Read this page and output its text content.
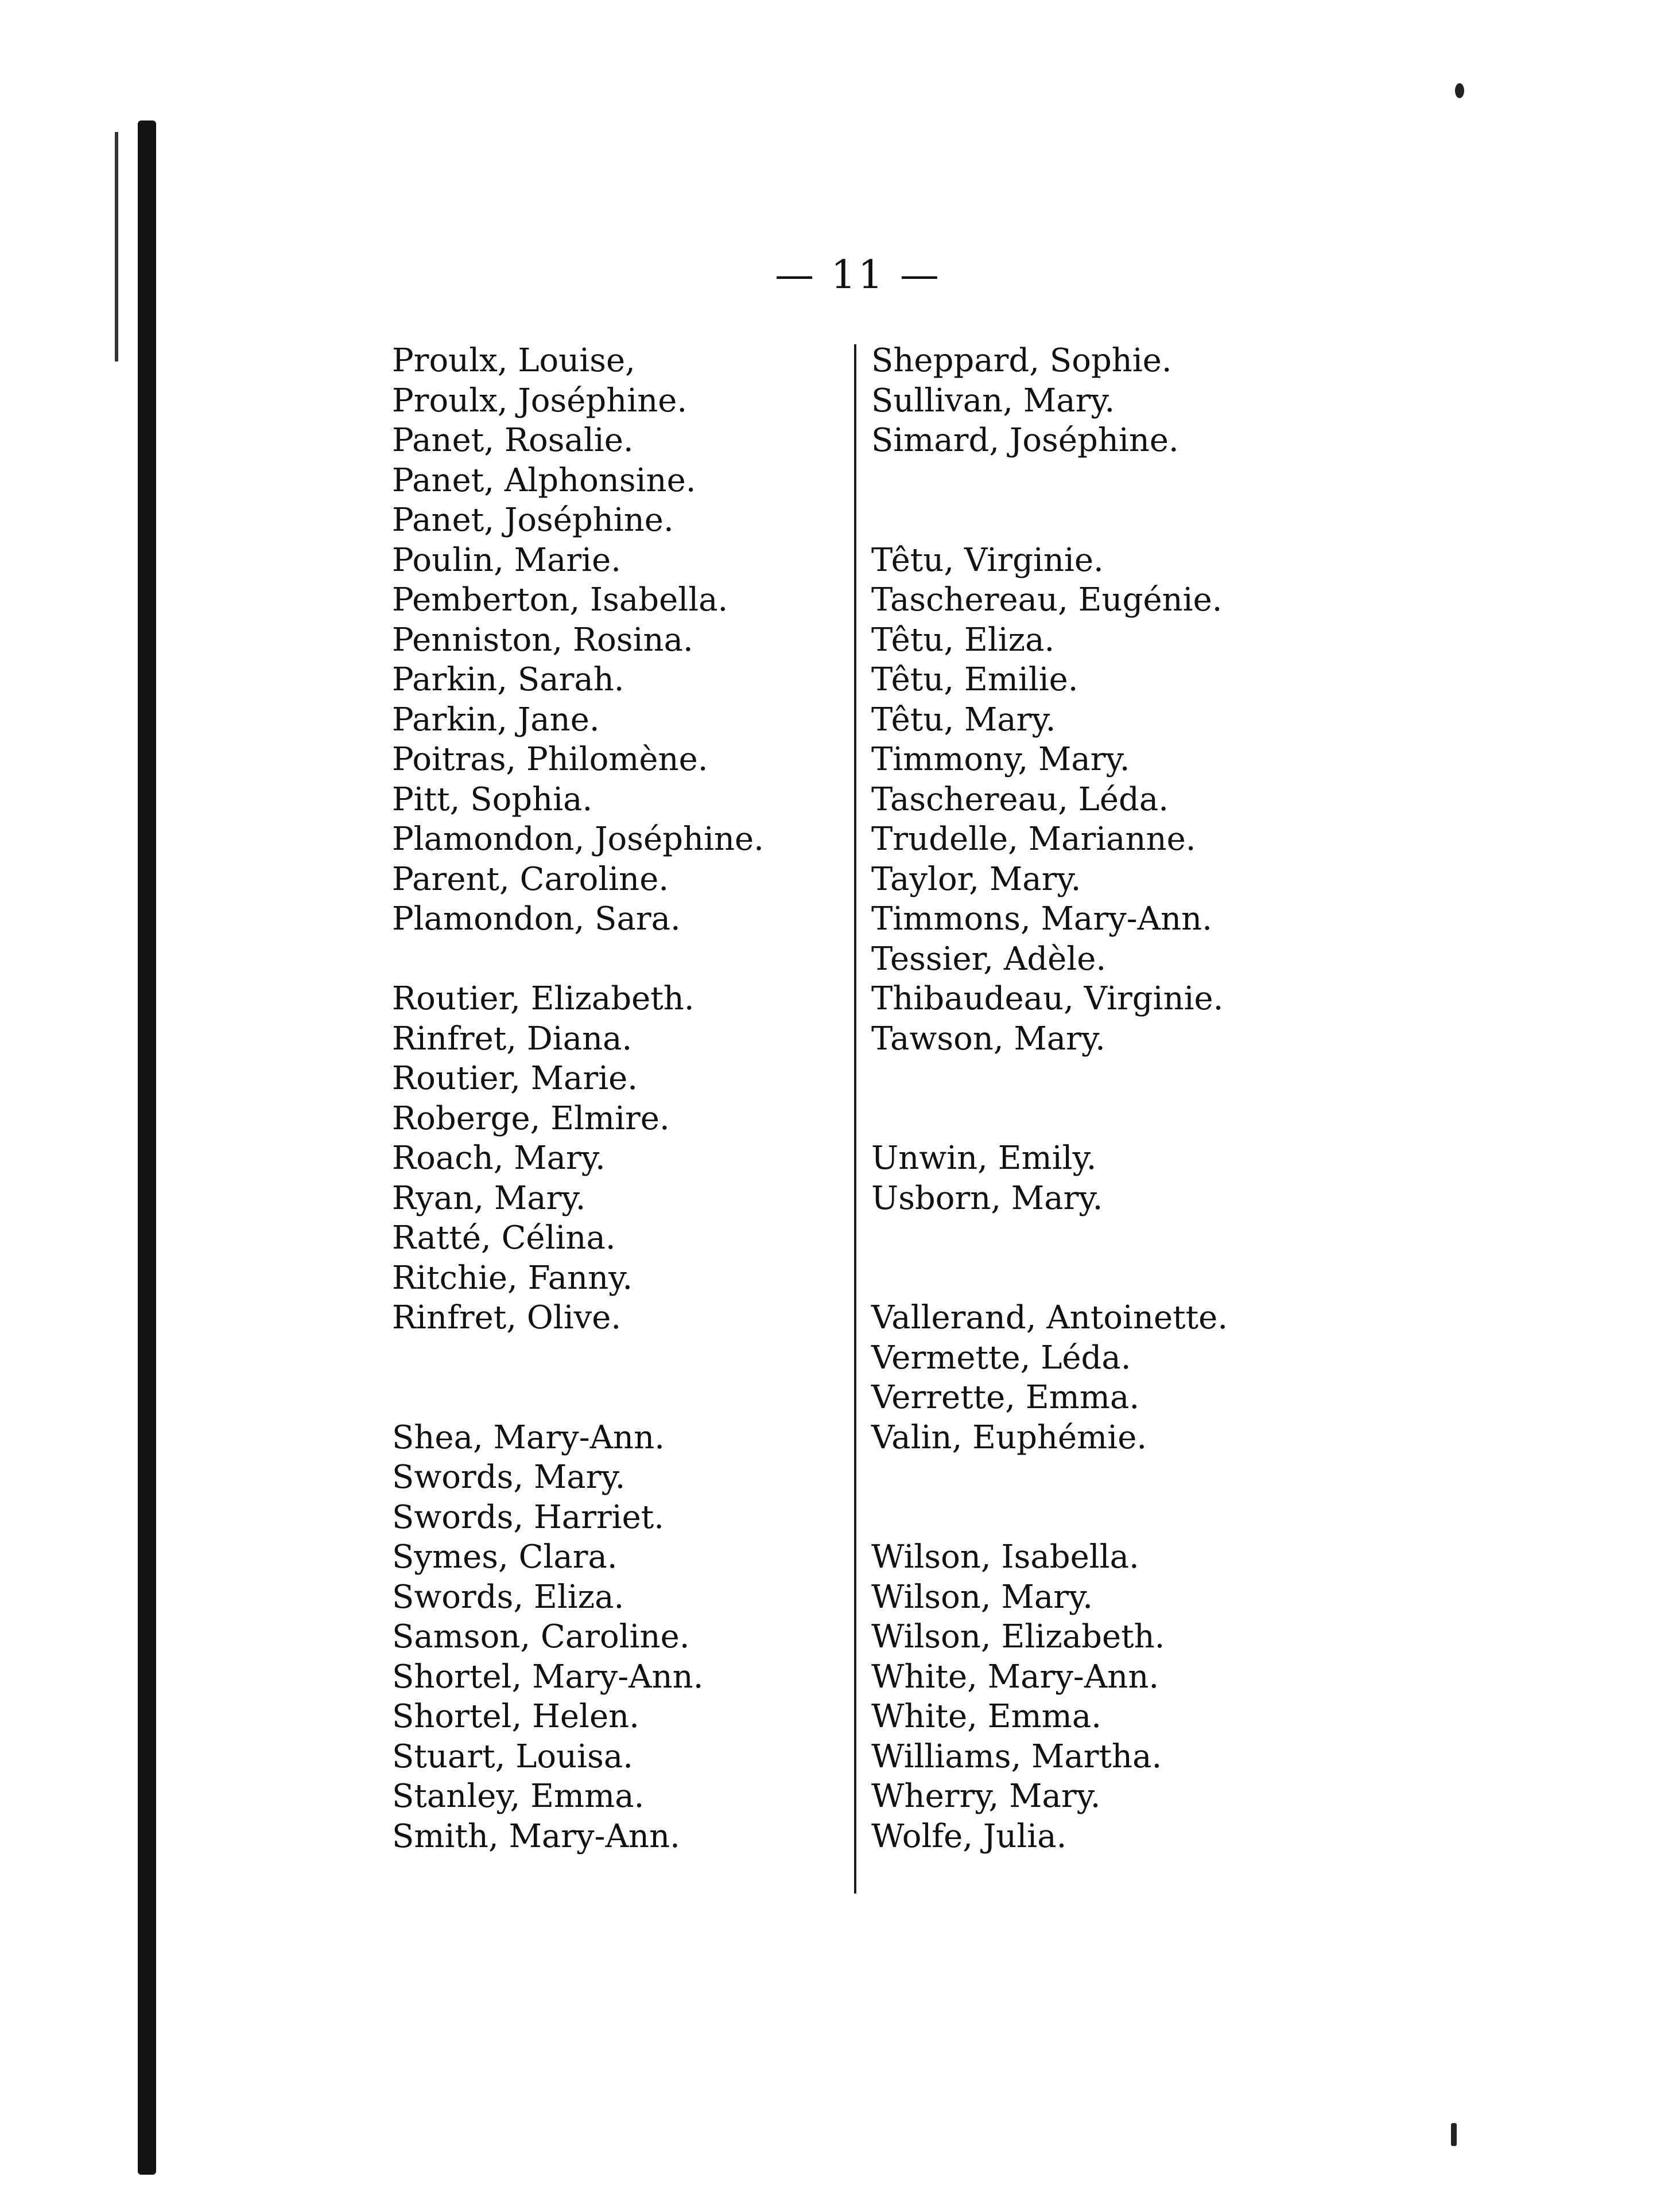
— 11 —
Proulx, Louise,
Proulx, Joséphine.
Panet, Rosalie.
Panet, Alphonsine.
Panet, Joséphine.
Poulin, Marie.
Pemberton, Isabella.
Penniston, Rosina.
Parkin, Sarah.
Parkin, Jane.
Poitras, Philomène.
Pitt, Sophia.
Plamondon, Joséphine.
Parent, Caroline.
Plamondon, Sara.
Routier, Elizabeth.
Rinfret, Diana.
Routier, Marie.
Roberge, Elmire.
Roach, Mary.
Ryan, Mary.
Ratté, Célina.
Ritchie, Fanny.
Rinfret, Olive.
Shea, Mary-Ann.
Swords, Mary.
Swords, Harriet.
Symes, Clara.
Swords, Eliza.
Samson, Caroline.
Shortel, Mary-Ann.
Shortel, Helen.
Stuart, Louisa.
Stanley, Emma.
Smith, Mary-Ann.
Sheppard, Sophie.
Sullivan, Mary.
Simard, Joséphine.
Têtu, Virginie.
Taschereau, Eugénie.
Têtu, Eliza.
Têtu, Emilie.
Têtu, Mary.
Timmony, Mary.
Taschereau, Léda.
Trudelle, Marianne.
Taylor, Mary.
Timmons, Mary-Ann.
Tessier, Adèle.
Thibaudeau, Virginie.
Tawson, Mary.
Unwin, Emily.
Usborn, Mary.
Vallerand, Antoinette.
Vermette, Léda.
Verrette, Emma.
Valin, Euphémie.
Wilson, Isabella.
Wilson, Mary.
Wilson, Elizabeth.
White, Mary-Ann.
White, Emma.
Williams, Martha.
Wherry, Mary.
Wolfe, Julia.
